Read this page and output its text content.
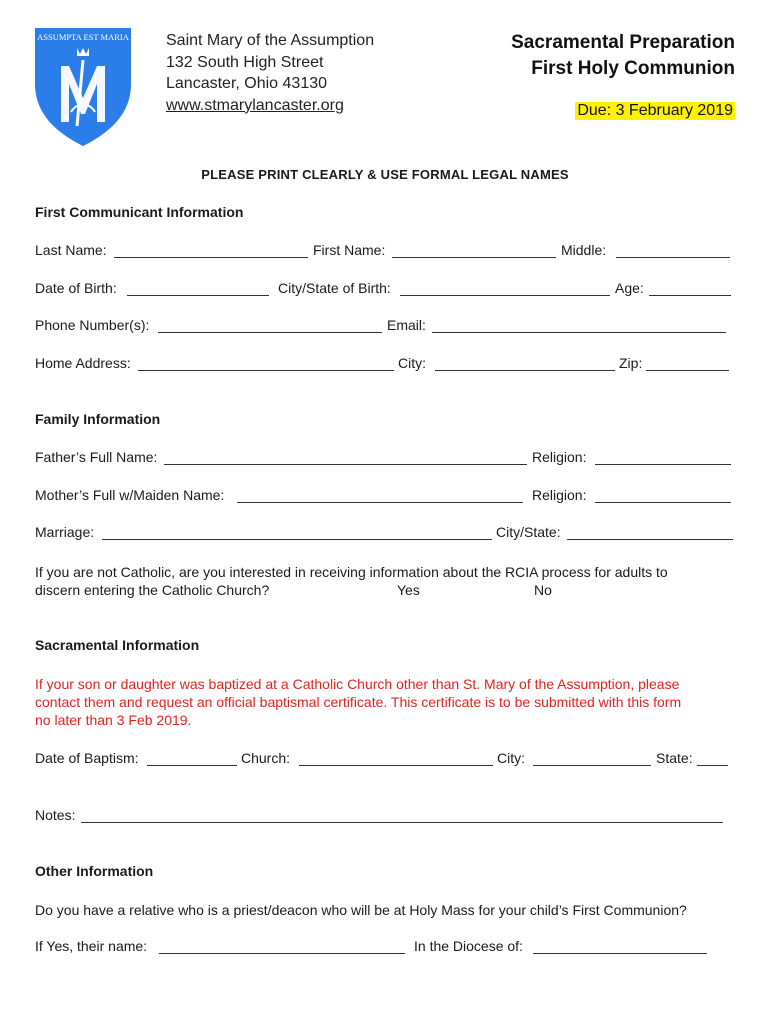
ASSUMPTA EST MARIA Saint Mary of the Assumption
132 South High Street
Lancaster, Ohio 43130
www.stmarylancaster.org
Sacramental Preparation
First Holy Communion
Due: 3 February 2019
PLEASE PRINT CLEARLY & USE FORMAL LEGAL NAMES
First Communicant Information
Last Name:	First Name:	Middle:
Date of Birth:	City/State of Birth:	Age:
Phone Number(s):	Email:
Home Address:	City:	Zip:
Family Information
Father’s Full Name:	Religion:
Mother’s Full w/Maiden Name:	Religion:
Marriage:	City/State:
If you are not Catholic, are you interested in receiving information about the RCIA process for adults to
discern entering the Catholic Church?	Yes	No
Sacramental Information
If your son or daughter was baptized at a Catholic Church other than St. Mary of the Assumption, please
contact them and request an official baptismal certificate. This certificate is to be submitted with this form
no later than 3 Feb 2019.
Date of Baptism:	Church:	City:	State:
Notes:
Other Information
Do you have a relative who is a priest/deacon who will be at Holy Mass for your child’s First Communion?
If Yes, their name:	In the Diocese of:
